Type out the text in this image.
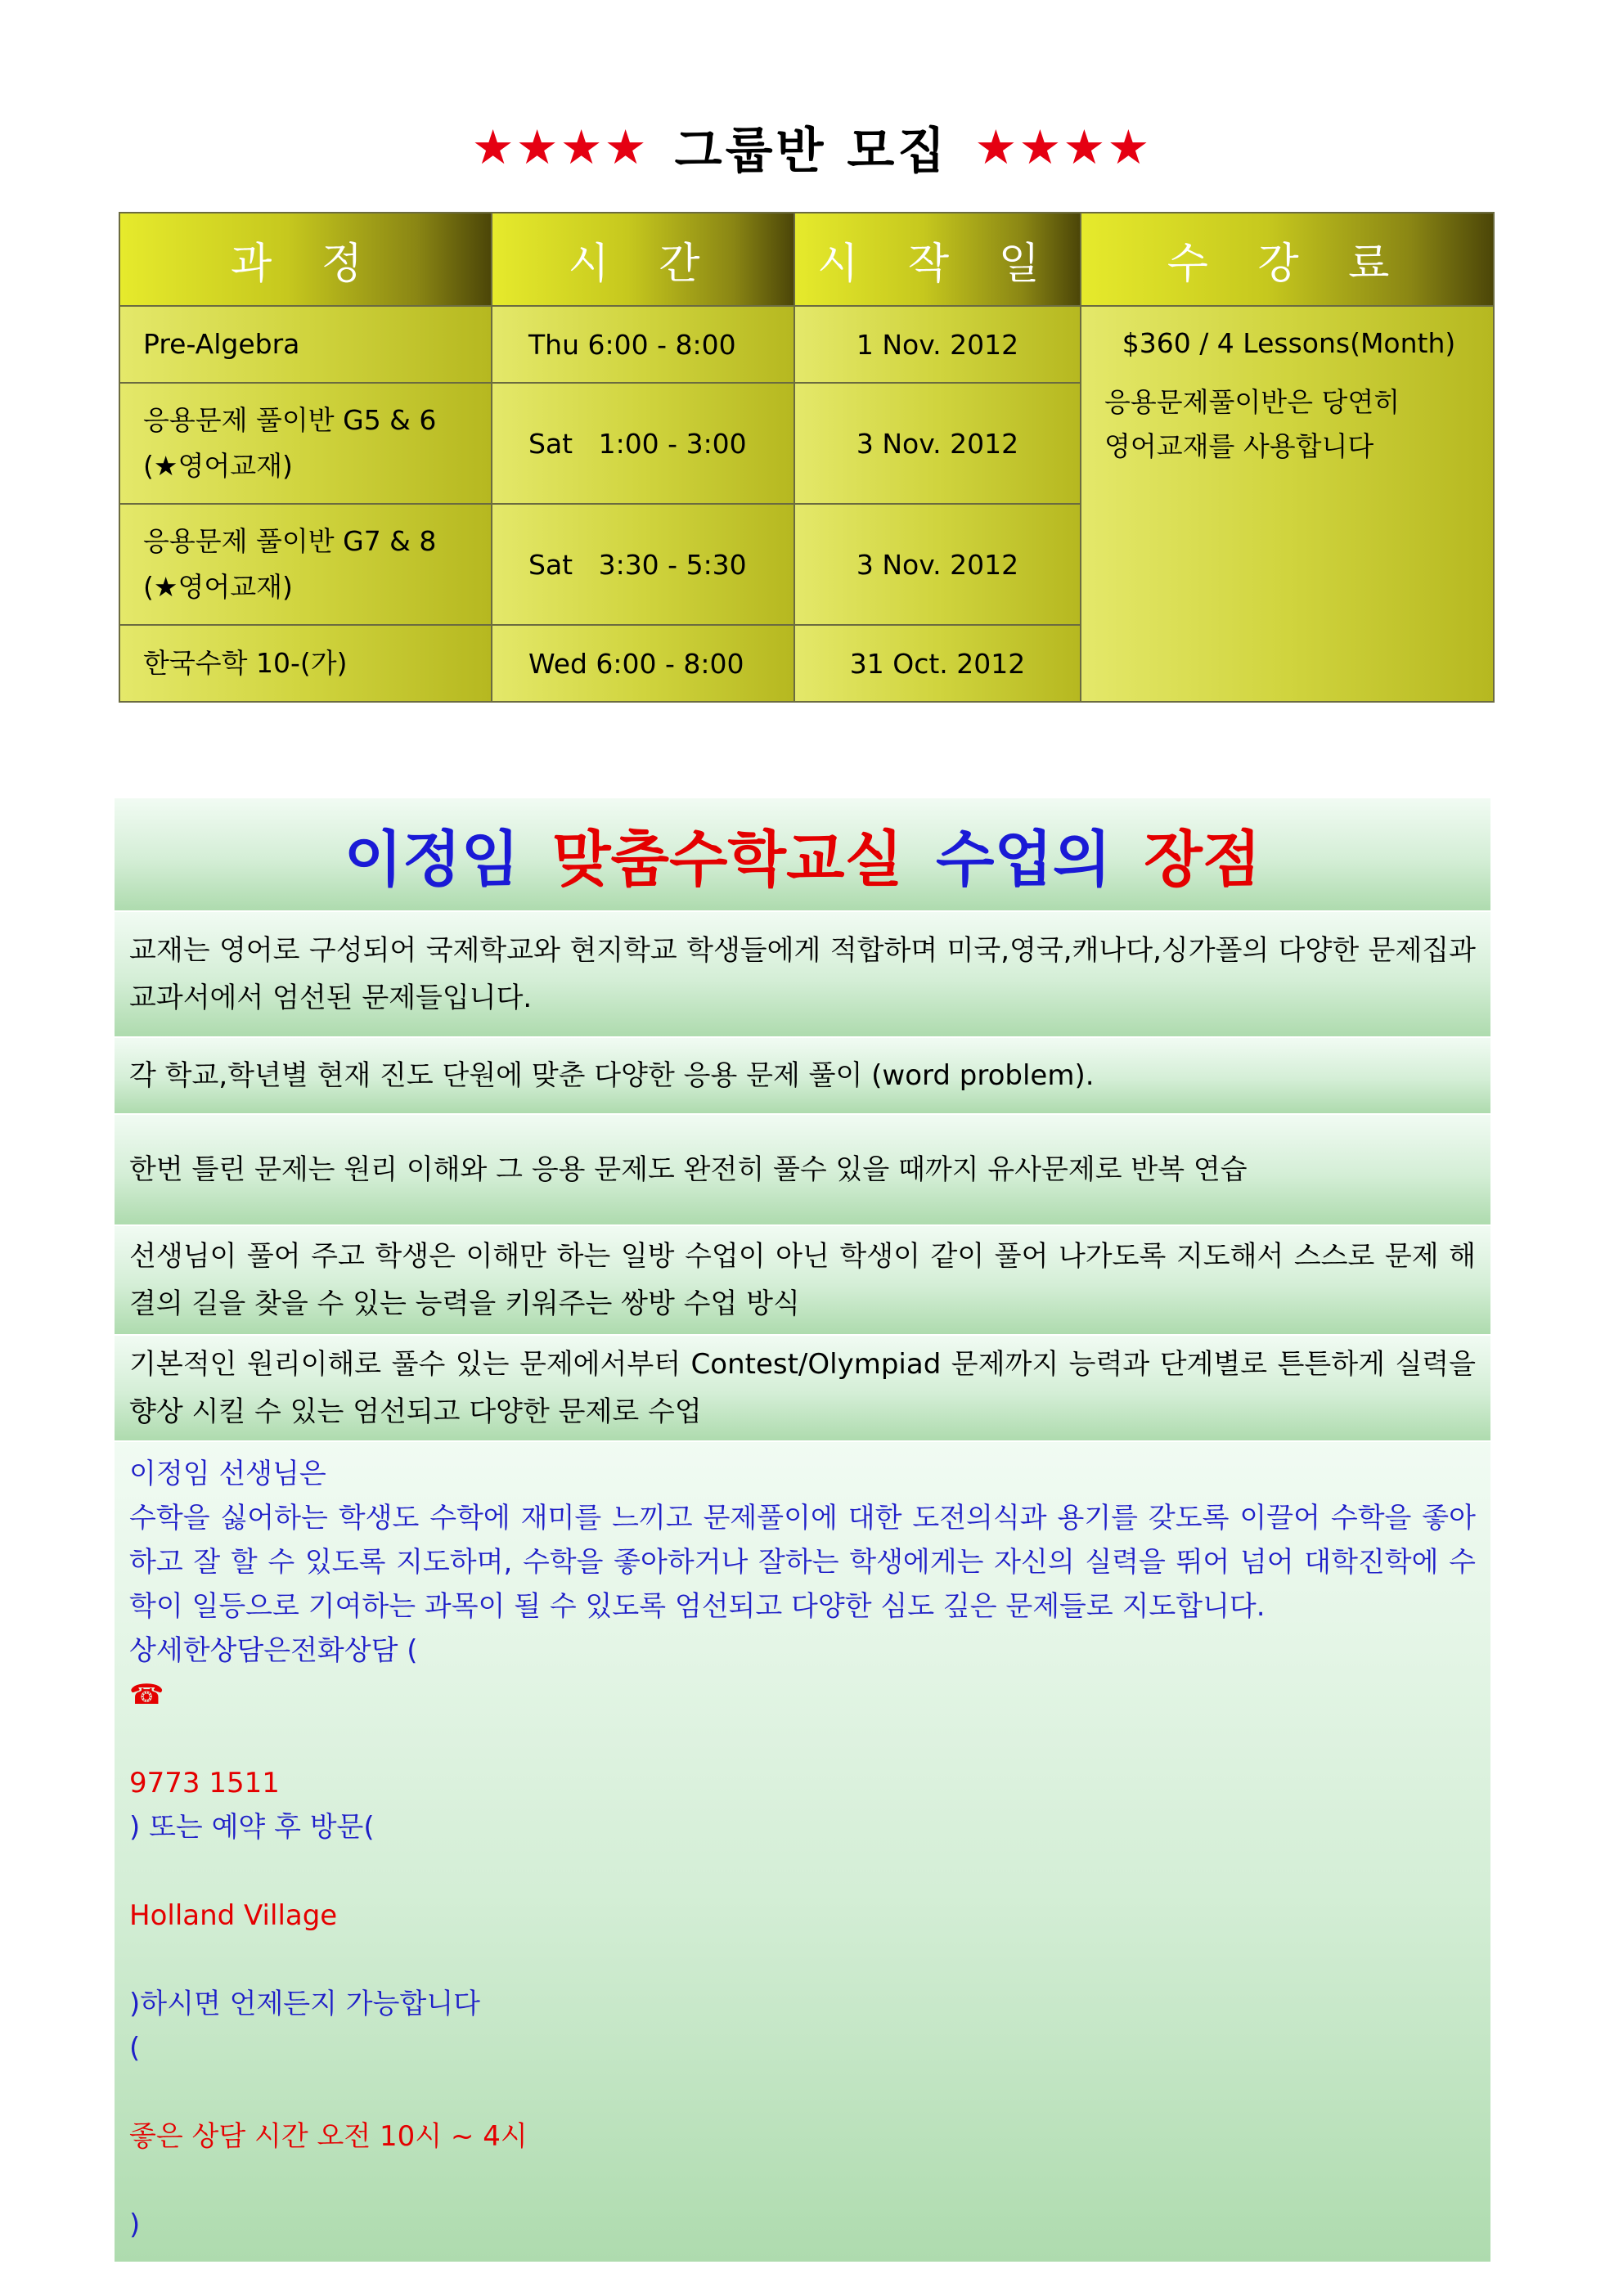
★★★★ 그룹반 모집 ★★★★
과 정	시 간	시 작 일	수 강 료
Pre-Algebra	Thu 6:00 - 8:00	1 Nov. 2012	$360 / 4 Lessons(Month)
응용문제풀이반은 당연히
영어교재를 사용합니다

응용문제 풀이반 G5 & 6
(★영어교재)	Sat   1:00 - 3:00	3 Nov. 2012	

응용문제 풀이반 G7 & 8
(★영어교재)	Sat   3:30 - 5:30	3 Nov. 2012	
한국수학 10-(가)	Wed 6:00 - 8:00	31 Oct. 2012	
이정임 맞춤수학교실 수업의 장점
교재는 영어로 구성되어 국제학교와 현지학교 학생들에게 적합하며 미국,영국,캐나다,싱가폴의 다양한 문제집과 교과서에서 엄선된 문제들입니다.
각 학교,학년별 현재 진도 단원에 맞춘 다양한 응용 문제 풀이 (word problem).
한번 틀린 문제는 원리 이해와 그 응용 문제도 완전히 풀수 있을 때까지 유사문제로 반복 연습
선생님이 풀어 주고 학생은 이해만 하는 일방 수업이 아닌 학생이 같이 풀어 나가도록 지도해서 스스로 문제 해결의 길을 찾을 수 있는 능력을 키워주는 쌍방 수업 방식
기본적인 원리이해로 풀수 있는 문제에서부터 Contest/Olympiad 문제까지 능력과 단계별로 튼튼하게 실력을 향상 시킬 수 있는 엄선되고 다양한 문제로 수업
이정임 선생님은
수학을 싫어하는 학생도 수학에 재미를 느끼고 문제풀이에 대한 도전의식과 용기를 갖도록 이끌어 수학을 좋아하고 잘 할 수 있도록 지도하며, 수학을 좋아하거나 잘하는 학생에게는 자신의 실력을 뛰어 넘어 대학진학에 수학이 일등으로 기여하는 과목이 될 수 있도록 엄선되고 다양한 심도 깊은 문제들로 지도합니다.
상세한상담은전화상담 (
☎

9773 1511
) 또는 예약 후 방문(

Holland Village

)하시면 언제든지 가능합니다
(

좋은 상담 시간 오전 10시 ~ 4시

)
